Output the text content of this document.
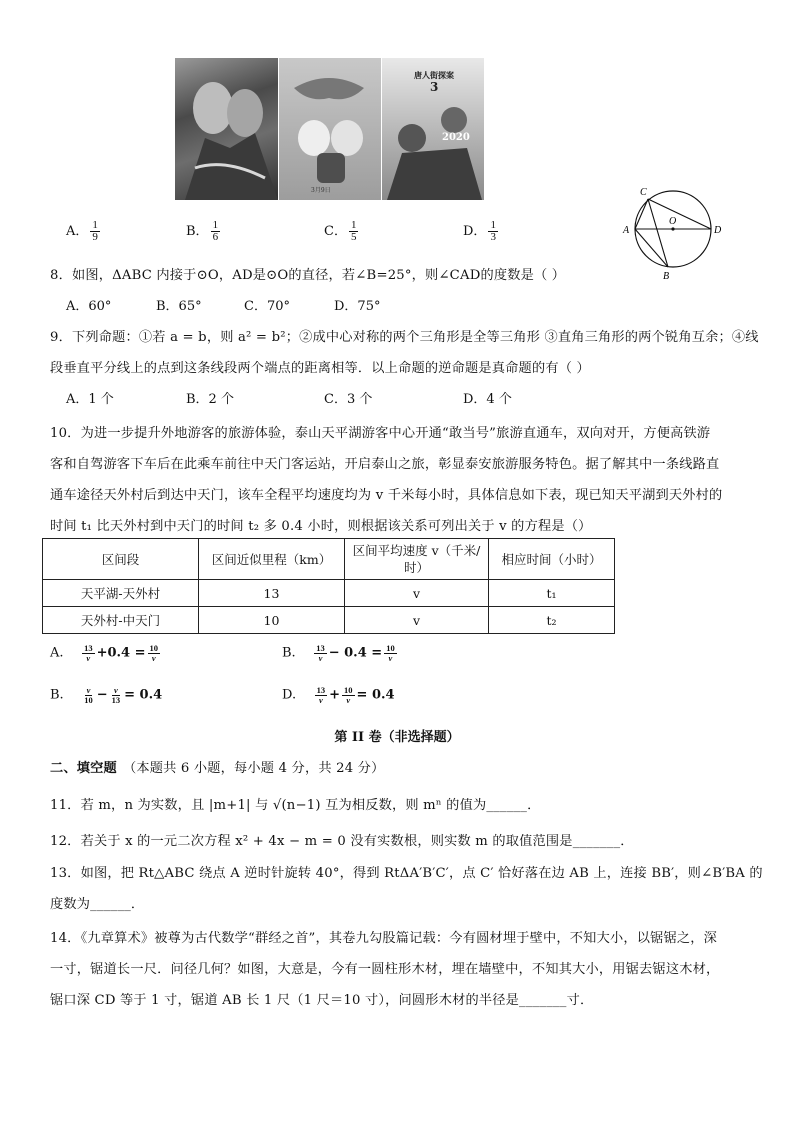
3月9日
唐人街探案
3
2020
A． $\frac{1}{9}$	B． $\frac{1}{6}$	C． $\frac{1}{5}$	D． $\frac{1}{3}$
C
O
A	D
B
8．如图，ΔABC 内接于⊙O，AD是⊙O的直径，若∠B=25°，则∠CAD的度数是（ ）
A．60°	B．65°	C．70°	D．75°
9．下列命题：①若 a = b，则 a² = b²；②成中心对称的两个三角形是全等三角形 ③直角三角形的两个锐角互余；④线
段垂直平分线上的点到这条线段两个端点的距离相等．以上命题的逆命题是真命题的有（ ）
A．1 个	B．2 个	C．3 个	D．4 个
10．为进一步提升外地游客的旅游体验，泰山天平湖游客中心开通“敢当号”旅游直通车，双向对开，方便高铁游
客和自驾游客下车后在此乘车前往中天门客运站，开启泰山之旅，彰显泰安旅游服务特色。据了解其中一条线路直
通车途径天外村后到达中天门，该车全程平均速度均为 v 千米每小时，具体信息如下表，现已知天平湖到天外村的
时间 t₁ 比天外村到中天门的时间 t₂ 多 0.4 小时，则根据该关系可列出关于 v 的方程是（）
区间段	区间近似里程（km）	区间平均速度 v（千米/时）	相应时间（小时）
天平湖-天外村	13	v	t₁
天外村-中天门	10	v	t₂
A. $\frac{13}{v} +0.4 = \frac{10}{v}$	B. $\frac{13}{v} - 0.4 = \frac{10}{v}$
B. $\frac{v}{10} - \frac{v}{13} = 0.4$	D. $\frac{13}{v} + \frac{10}{v} = 0.4$
第 II 卷（非选择题）
二、填空题 （本题共 6 小题，每小题 4 分，共 24 分）
11．若 m，n 为实数，且 |m+1| 与 √(n−1) 互为相反数，则 mⁿ 的值为______．
12．若关于 x 的一元二次方程 x² + 4x − m = 0 没有实数根，则实数 m 的取值范围是_______．
13．如图，把 Rt△ABC 绕点 A 逆时针旋转 40°，得到 RtΔA′B′C′，点 C′ 恰好落在边 AB 上，连接 BB′，则∠B′BA 的
度数为______．
14．《九章算术》被尊为古代数学“群经之首”，其卷九勾股篇记载：今有圆材埋于壁中，不知大小，以锯锯之，深
一寸，锯道长一尺．问径几何？如图，大意是，今有一圆柱形木材，埋在墙壁中，不知其大小，用锯去锯这木材，
锯口深 CD 等于 1 寸，锯道 AB 长 1 尺（1 尺＝10 寸），问圆形木材的半径是_______寸．
